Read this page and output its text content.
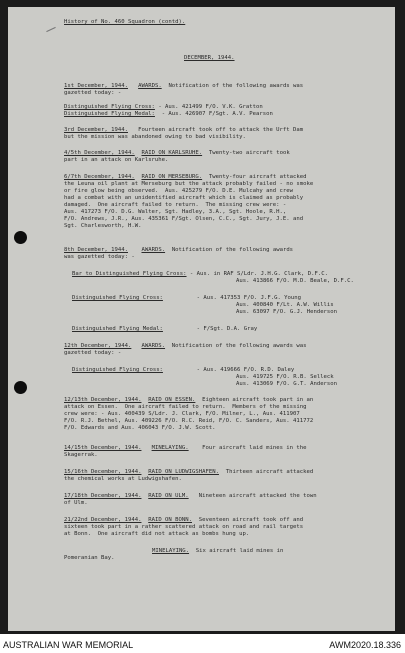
History of No. 460 Squadron (contd).
DECEMBER, 1944.
1st December, 1944. AWARDS. Notification of the following awards was
gazetted today: -
Distinguished Flying Cross: - Aus. 421499 F/O. V.K. Gratton
Distinguished Flying Medal: - Aus. 426907 F/Sgt. A.V. Pearson
3rd December, 1944. Fourteen aircraft took off to attack the Urft Dam
but the mission was abandoned owing to bad visibility.
4/5th December, 1944. RAID ON KARLSRUHE. Twenty-two aircraft took
part in an attack on Karlsruhe.
6/7th December, 1944. RAID ON MERSEBURG. Twenty-four aircraft attacked
the Leuna oil plant at Merseburg but the attack probably failed - no smoke
or fire glow being observed.  Aus. 425279 F/O. D.E. Mulcahy and crew
had a combat with an unidentified aircraft which is claimed as probably
damaged.  One aircraft failed to return.  The missing crew were: -
Aus. 417273 F/O. D.G. Walter, Sgt. Hadley, 3.A., Sgt. Hoole, R.H.,
F/O. Andrews, J.R., Aus. 435361 F/Sgt. Olsen, C.C., Sgt. Jury, J.E. and
Sgt. Charlesworth, H.W.
8th December, 1944. AWARDS. Notification of the following awards
was gazetted today: -
Bar to Distinguished Flying Cross: - Aus. in RAF S/Ldr. J.H.G. Clark, D.F.C.
Aus. 413866 F/O. M.D. Beale, D.F.C.
Distinguished Flying Cross:	- Aus. 417353 F/O. J.F.G. Young
Aus. 400840 F/Lt. A.W. Willis
Aus. 63097 F/O. G.J. Henderson
Distinguished Flying Medal:	- F/Sgt. D.A. Gray
12th December, 1944. AWARDS. Notification of the following awards was
gazetted today: -
Distinguished Flying Cross:	- Aus. 419666 F/O. R.D. Daley
Aus. 419725 F/O. R.B. Selleck
Aus. 413069 F/O. G.T. Anderson
12/13th December, 1944. RAID ON ESSEN. Eighteen aircraft took part in an
attack on Essen.  One aircraft failed to return.  Members of the missing
crew were: - Aus. 400439 S/Ldr. J. Clark, F/O. Milner, L., Aus. 411907
F/O. R.J. Bethel, Aus. 409226 F/O. R.C. Reid, F/O. C. Sanders, Aus. 411772
F/O. Edwards and Aus. 406043 F/O. J.W. Scott.
14/15th December, 1944. MINELAYING. Four aircraft laid mines in the
Skagerrak.
15/16th December, 1944. RAID ON LUDWIGSHAFEN. Thirteen aircraft attacked
the chemical works at Ludwigshafen.
17/18th December, 1944. RAID ON ULM. Nineteen aircraft attacked the town
of Ulm.
21/22nd December, 1944. RAID ON BONN. Seventeen aircraft took off and
sixteen took part in a rather scattered attack on road and rail targets
at Bonn.  One aircraft did not attack as bombs hung up.
MINELAYING. Six aircraft laid mines in
Pomeranian Bay.
AUSTRALIAN WAR MEMORIAL	AWM2020.18.336
